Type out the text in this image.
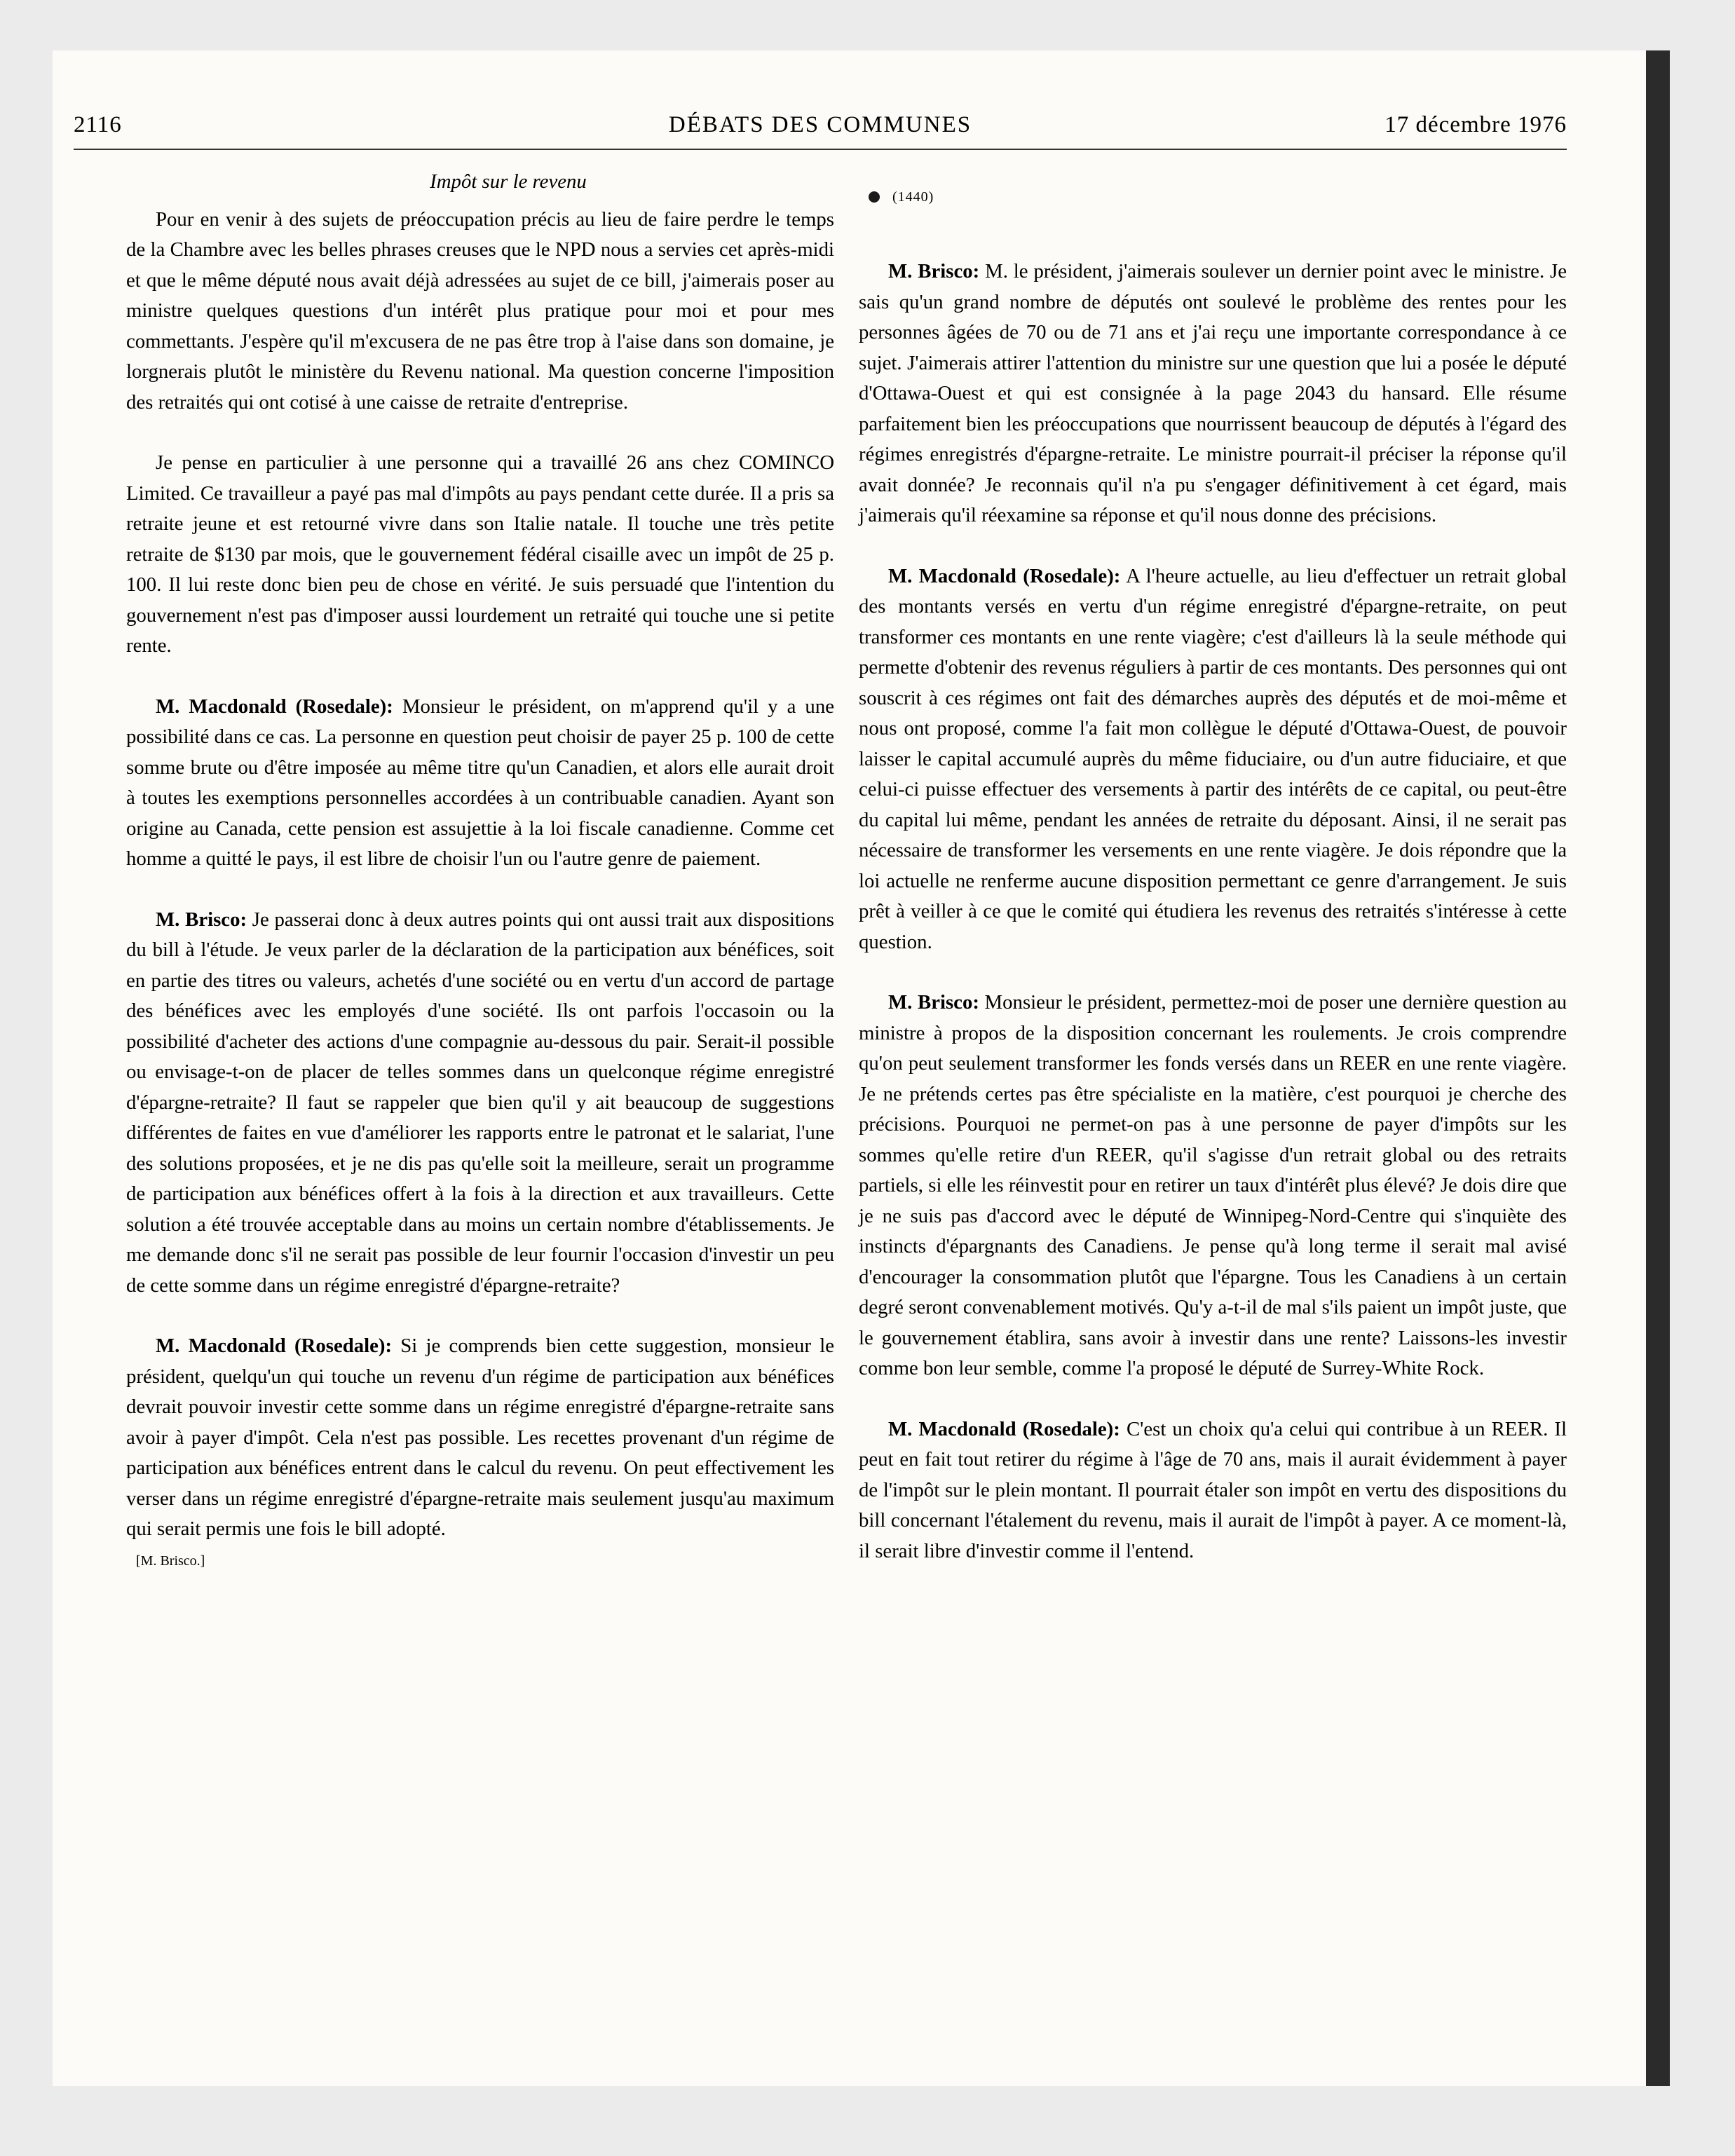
2116	DÉBATS DES COMMUNES	17 décembre 1976
Impôt sur le revenu

Pour en venir à des sujets de préoccupation précis au lieu de faire perdre le temps de la Chambre avec les belles phrases creuses que le NPD nous a servies cet après-midi et que le même député nous avait déjà adressées au sujet de ce bill, j'aimerais poser au ministre quelques questions d'un intérêt plus pratique pour moi et pour mes commettants. J'espère qu'il m'excusera de ne pas être trop à l'aise dans son domaine, je lorgnerais plutôt le ministère du Revenu national. Ma question concerne l'imposition des retraités qui ont cotisé à une caisse de retraite d'entreprise.

Je pense en particulier à une personne qui a travaillé 26 ans chez COMINCO Limited. Ce travailleur a payé pas mal d'impôts au pays pendant cette durée. Il a pris sa retraite jeune et est retourné vivre dans son Italie natale. Il touche une très petite retraite de $130 par mois, que le gouvernement fédéral cisaille avec un impôt de 25 p. 100. Il lui reste donc bien peu de chose en vérité. Je suis persuadé que l'intention du gouvernement n'est pas d'imposer aussi lourdement un retraité qui touche une si petite rente.

M. Macdonald (Rosedale): Monsieur le président, on m'apprend qu'il y a une possibilité dans ce cas. La personne en question peut choisir de payer 25 p. 100 de cette somme brute ou d'être imposée au même titre qu'un Canadien, et alors elle aurait droit à toutes les exemptions personnelles accordées à un contribuable canadien. Ayant son origine au Canada, cette pension est assujettie à la loi fiscale canadienne. Comme cet homme a quitté le pays, il est libre de choisir l'un ou l'autre genre de paiement.

M. Brisco: Je passerai donc à deux autres points qui ont aussi trait aux dispositions du bill à l'étude. Je veux parler de la déclaration de la participation aux bénéfices, soit en partie des titres ou valeurs, achetés d'une société ou en vertu d'un accord de partage des bénéfices avec les employés d'une société. Ils ont parfois l'occasoin ou la possibilité d'acheter des actions d'une compagnie au-dessous du pair. Serait-il possible ou envisage-t-on de placer de telles sommes dans un quelconque régime enregistré d'épargne-retraite? Il faut se rappeler que bien qu'il y ait beaucoup de suggestions différentes de faites en vue d'améliorer les rapports entre le patronat et le salariat, l'une des solutions proposées, et je ne dis pas qu'elle soit la meilleure, serait un programme de participation aux bénéfices offert à la fois à la direction et aux travailleurs. Cette solution a été trouvée acceptable dans au moins un certain nombre d'établissements. Je me demande donc s'il ne serait pas possible de leur fournir l'occasion d'investir un peu de cette somme dans un régime enregistré d'épargne-retraite?

M. Macdonald (Rosedale): Si je comprends bien cette suggestion, monsieur le président, quelqu'un qui touche un revenu d'un régime de participation aux bénéfices devrait pouvoir investir cette somme dans un régime enregistré d'épargne-retraite sans avoir à payer d'impôt. Cela n'est pas possible. Les recettes provenant d'un régime de participation aux bénéfices entrent dans le calcul du revenu. On peut effectivement les verser dans un régime enregistré d'épargne-retraite mais seulement jusqu'au maximum qui serait permis une fois le bill adopté.

[M. Brisco.]
(1440)

M. Brisco: M. le président, j'aimerais soulever un dernier point avec le ministre. Je sais qu'un grand nombre de députés ont soulevé le problème des rentes pour les personnes âgées de 70 ou de 71 ans et j'ai reçu une importante correspondance à ce sujet. J'aimerais attirer l'attention du ministre sur une question que lui a posée le député d'Ottawa-Ouest et qui est consignée à la page 2043 du hansard. Elle résume parfaitement bien les préoccupations que nourrissent beaucoup de députés à l'égard des régimes enregistrés d'épargne-retraite. Le ministre pourrait-il préciser la réponse qu'il avait donnée? Je reconnais qu'il n'a pu s'engager définitivement à cet égard, mais j'aimerais qu'il réexamine sa réponse et qu'il nous donne des précisions.

M. Macdonald (Rosedale): A l'heure actuelle, au lieu d'effectuer un retrait global des montants versés en vertu d'un régime enregistré d'épargne-retraite, on peut transformer ces montants en une rente viagère; c'est d'ailleurs là la seule méthode qui permette d'obtenir des revenus réguliers à partir de ces montants. Des personnes qui ont souscrit à ces régimes ont fait des démarches auprès des députés et de moi-même et nous ont proposé, comme l'a fait mon collègue le député d'Ottawa-Ouest, de pouvoir laisser le capital accumulé auprès du même fiduciaire, ou d'un autre fiduciaire, et que celui-ci puisse effectuer des versements à partir des intérêts de ce capital, ou peut-être du capital lui même, pendant les années de retraite du déposant. Ainsi, il ne serait pas nécessaire de transformer les versements en une rente viagère. Je dois répondre que la loi actuelle ne renferme aucune disposition permettant ce genre d'arrangement. Je suis prêt à veiller à ce que le comité qui étudiera les revenus des retraités s'intéresse à cette question.

M. Brisco: Monsieur le président, permettez-moi de poser une dernière question au ministre à propos de la disposition concernant les roulements. Je crois comprendre qu'on peut seulement transformer les fonds versés dans un REER en une rente viagère. Je ne prétends certes pas être spécialiste en la matière, c'est pourquoi je cherche des précisions. Pourquoi ne permet-on pas à une personne de payer d'impôts sur les sommes qu'elle retire d'un REER, qu'il s'agisse d'un retrait global ou des retraits partiels, si elle les réinvestit pour en retirer un taux d'intérêt plus élevé? Je dois dire que je ne suis pas d'accord avec le député de Winnipeg-Nord-Centre qui s'inquiète des instincts d'épargnants des Canadiens. Je pense qu'à long terme il serait mal avisé d'encourager la consommation plutôt que l'épargne. Tous les Canadiens à un certain degré seront convenablement motivés. Qu'y a-t-il de mal s'ils paient un impôt juste, que le gouvernement établira, sans avoir à investir dans une rente? Laissons-les investir comme bon leur semble, comme l'a proposé le député de Surrey-White Rock.

M. Macdonald (Rosedale): C'est un choix qu'a celui qui contribue à un REER. Il peut en fait tout retirer du régime à l'âge de 70 ans, mais il aurait évidemment à payer de l'impôt sur le plein montant. Il pourrait étaler son impôt en vertu des dispositions du bill concernant l'étalement du revenu, mais il aurait de l'impôt à payer. A ce moment-là, il serait libre d'investir comme il l'entend.
